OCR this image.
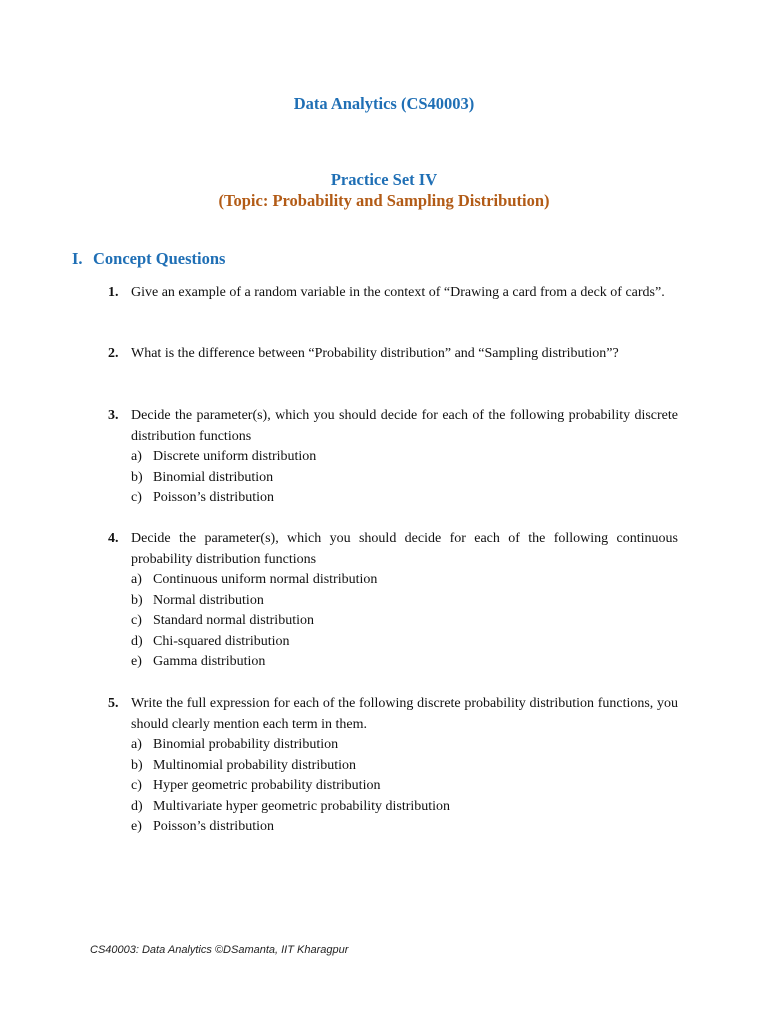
Data Analytics (CS40003)
Practice Set IV
(Topic: Probability and Sampling Distribution)
I. Concept Questions
1. Give an example of a random variable in the context of “Drawing a card from a deck of cards”.
2. What is the difference between “Probability distribution” and “Sampling distribution”?
3. Decide the parameter(s), which you should decide for each of the following probability discrete distribution functions
a) Discrete uniform distribution
b) Binomial distribution
c) Poisson’s distribution
4. Decide the parameter(s), which you should decide for each of the following continuous probability distribution functions
a) Continuous uniform normal distribution
b) Normal distribution
c) Standard normal distribution
d) Chi-squared distribution
e) Gamma distribution
5. Write the full expression for each of the following discrete probability distribution functions, you should clearly mention each term in them.
a) Binomial probability distribution
b) Multinomial probability distribution
c) Hyper geometric probability distribution
d) Multivariate hyper geometric probability distribution
e) Poisson’s distribution
CS40003: Data Analytics ©DSamanta, IIT Kharagpur
